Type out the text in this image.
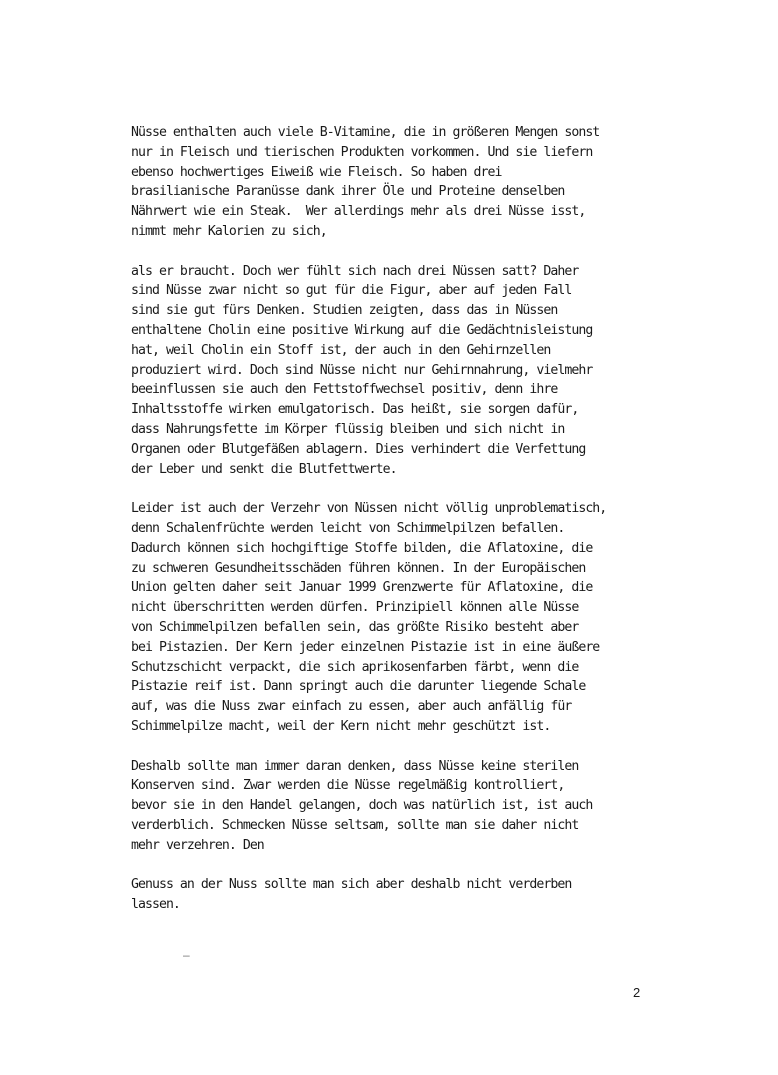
Nüsse enthalten auch viele B-Vitamine, die in größeren Mengen sonst
nur in Fleisch und tierischen Produkten vorkommen. Und sie liefern
ebenso hochwertiges Eiweiß wie Fleisch. So haben drei
brasilianische Paranüsse dank ihrer Öle und Proteine denselben
Nährwert wie ein Steak.  Wer allerdings mehr als drei Nüsse isst,
nimmt mehr Kalorien zu sich,
als er braucht. Doch wer fühlt sich nach drei Nüssen satt? Daher
sind Nüsse zwar nicht so gut für die Figur, aber auf jeden Fall
sind sie gut fürs Denken. Studien zeigten, dass das in Nüssen
enthaltene Cholin eine positive Wirkung auf die Gedächtnisleistung
hat, weil Cholin ein Stoff ist, der auch in den Gehirnzellen
produziert wird. Doch sind Nüsse nicht nur Gehirnnahrung, vielmehr
beeinflussen sie auch den Fettstoffwechsel positiv, denn ihre
Inhaltsstoffe wirken emulgatorisch. Das heißt, sie sorgen dafür,
dass Nahrungsfette im Körper flüssig bleiben und sich nicht in
Organen oder Blutgefäßen ablagern. Dies verhindert die Verfettung
der Leber und senkt die Blutfettwerte.
Leider ist auch der Verzehr von Nüssen nicht völlig unproblematisch,
denn Schalenfrüchte werden leicht von Schimmelpilzen befallen.
Dadurch können sich hochgiftige Stoffe bilden, die Aflatoxine, die
zu schweren Gesundheitsschäden führen können. In der Europäischen
Union gelten daher seit Januar 1999 Grenzwerte für Aflatoxine, die
nicht überschritten werden dürfen. Prinzipiell können alle Nüsse
von Schimmelpilzen befallen sein, das größte Risiko besteht aber
bei Pistazien. Der Kern jeder einzelnen Pistazie ist in eine äußere
Schutzschicht verpackt, die sich aprikosenfarben färbt, wenn die
Pistazie reif ist. Dann springt auch die darunter liegende Schale
auf, was die Nuss zwar einfach zu essen, aber auch anfällig für
Schimmelpilze macht, weil der Kern nicht mehr geschützt ist.
Deshalb sollte man immer daran denken, dass Nüsse keine sterilen
Konserven sind. Zwar werden die Nüsse regelmäßig kontrolliert,
bevor sie in den Handel gelangen, doch was natürlich ist, ist auch
verderblich. Schmecken Nüsse seltsam, sollte man sie daher nicht
mehr verzehren. Den
Genuss an der Nuss sollte man sich aber deshalb nicht verderben
lassen.
–
2
